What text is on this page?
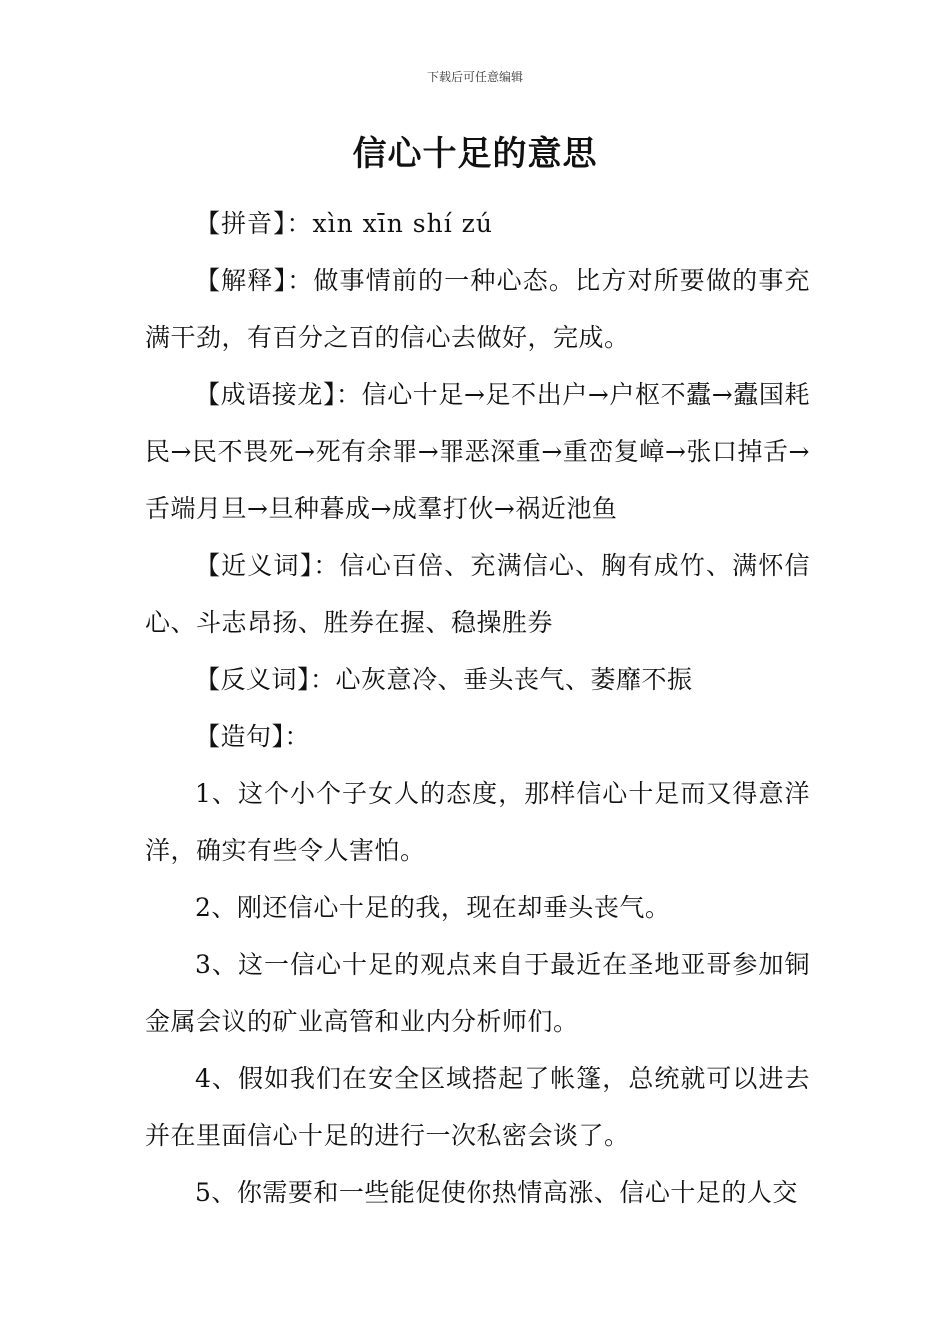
下载后可任意编辑
信心十足的意思

【拼音】：xìn xīn shí zú

【解释】：做事情前的一种心态。比方对所要做的事充满干劲，有百分之百的信心去做好，完成。

【成语接龙】：信心十足→足不出户→户枢不蠹→蠹国耗民→民不畏死→死有余罪→罪恶深重→重峦复嶂→张口掉舌→舌端月旦→旦种暮成→成羣打伙→祸近池鱼

【近义词】：信心百倍、充满信心、胸有成竹、满怀信心、斗志昂扬、胜券在握、稳操胜券

【反义词】：心灰意冷、垂头丧气、萎靡不振

【造句】：

1、这个小个子女人的态度，那样信心十足而又得意洋洋，确实有些令人害怕。

2、刚还信心十足的我，现在却垂头丧气。

3、这一信心十足的观点来自于最近在圣地亚哥参加铜金属会议的矿业高管和业内分析师们。

4、假如我们在安全区域搭起了帐篷，总统就可以进去并在里面信心十足的进行一次私密会谈了。

5、你需要和一些能促使你热情高涨、信心十足的人交
